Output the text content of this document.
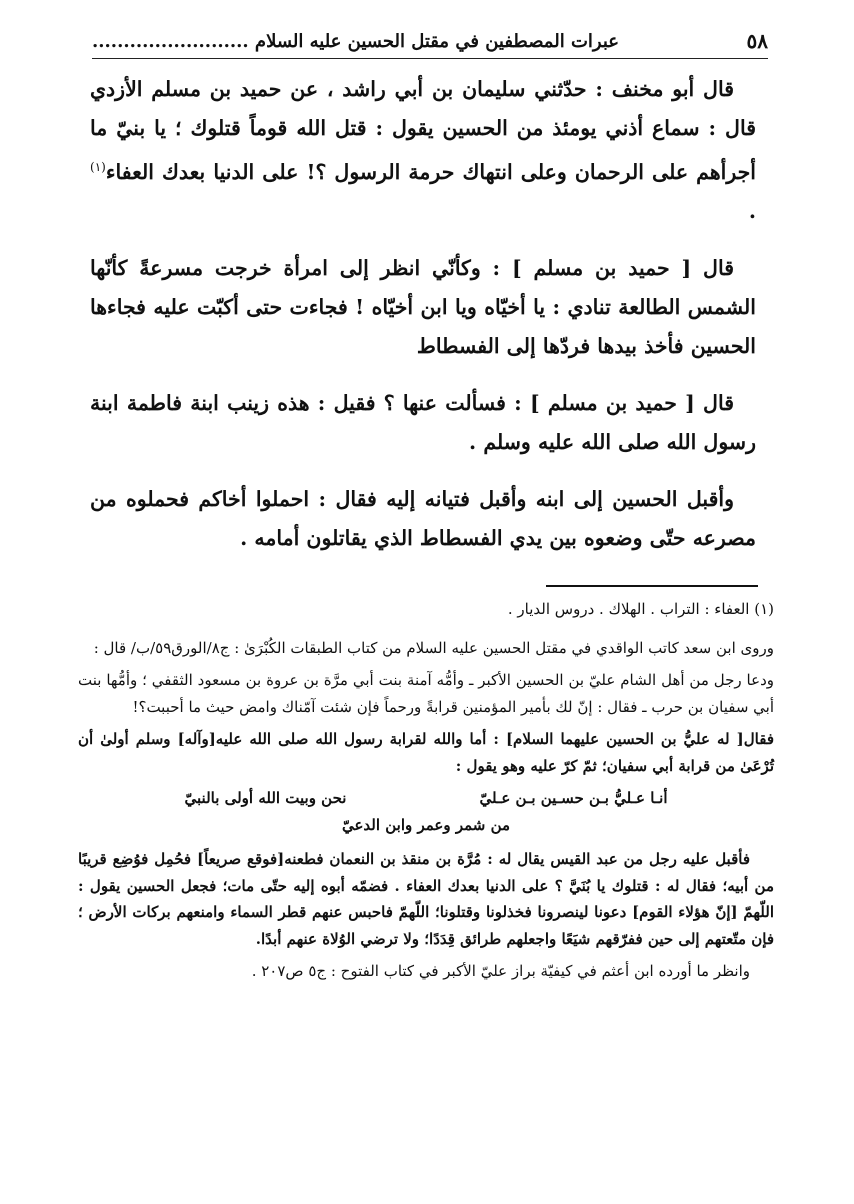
٥٨
عبرات المصطفين في مقتل الحسين عليه السلام .........................

قال أبو مخنف : حدّثني سليمان بن أبي راشد ، عن حميد بن مسلم الأزدي قال : سماع أذني يومئذ من الحسين يقول : قتل الله قوماً قتلوك ؛ يا بنيّ ما أجرأهم على الرحمان وعلى انتهاك حرمة الرسول ؟! على الدنيا بعدك العفاء$^{(١)}$ .

قال [ حميد بن مسلم ] : وكأنّي انظر إلى امرأة خرجت مسرعةً كأنّها الشمس الطالعة تنادي : يا أخيّاه ويا ابن أخيّاه ! فجاءت حتى أكبّت عليه فجاءها الحسين فأخذ بيدها فردّها إلى الفسطاط

قال [ حميد بن مسلم ] : فسألت عنها ؟ فقيل : هذه زينب ابنة فاطمة ابنة رسول الله صلى الله عليه وسلم .

وأقبل الحسين إلى ابنه وأقبل فتيانه إليه فقال : احملوا أخاكم فحملوه من مصرعه حتّى وضعوه بين يدي الفسطاط الذي يقاتلون أمامه .

(١) العفاء : التراب . الهلاك . دروس الديار .

وروى ابن سعد كاتب الواقدي في مقتل الحسين عليه السلام من كتاب الطبقات الكُبْرَىٰ : ج٨/الورق٥٩/ب/ قال :

ودعا رجل من أهل الشام عليّ بن الحسين الأكبر ـ وأمُّه آمنة بنت أبي مرَّة بن عروة بن مسعود الثقفي ؛ وأمُّها بنت أبي سفيان بن حرب ـ فقال : إنّ لك بأمير المؤمنين قرابةً ورحماً فإن شئت آمّناك وامض حيث ما أحببت؟!

فقال[ له عليُّ بن الحسين عليهما السلام] : أما والله لقرابة رسول الله صلى الله عليه[وآله] وسلم أولىٰ أن تُرْعَىٰ من قرابة أبي سفيان؛ ثمّ كرّ عليه وهو يقول :

أنـا عـليُّ بـن حسـين بـن عـليّ
نحن وبيت الله أولى بالنبيّ

من شمر وعمر وابن الدعيّ

فأقبل عليه رجل من عبد القيس يقال له : مُرَّة بن منقذ بن النعمان فطعنه[فوقع صريعاً] فحُمِل فوُضِع قريبًا من أبيه؛ فقال له : قتلوك يا بُنَيَّ ؟ على الدنيا بعدك العفاء . فضمّه أبوه إليه حتّى مات؛ فجعل الحسين يقول : اللّهمّ [إنّ هؤلاء القوم] دعونا لينصرونا فخذلونا وقتلونا؛ اللّهمّ فاحبس عنهم قطر السماء وامنعهم بركات الأرض ؛ فإن متّعتهم إلى حين ففرّقهم شيَعًا واجعلهم طرائق قِدَدًا؛ ولا ترضي الوُلاة عنهم أبدًا.

وانظر ما أورده ابن أعثم في كيفيّة براز عليّ الأكبر في كتاب الفتوح : ج٥ ص٢٠٧ .
